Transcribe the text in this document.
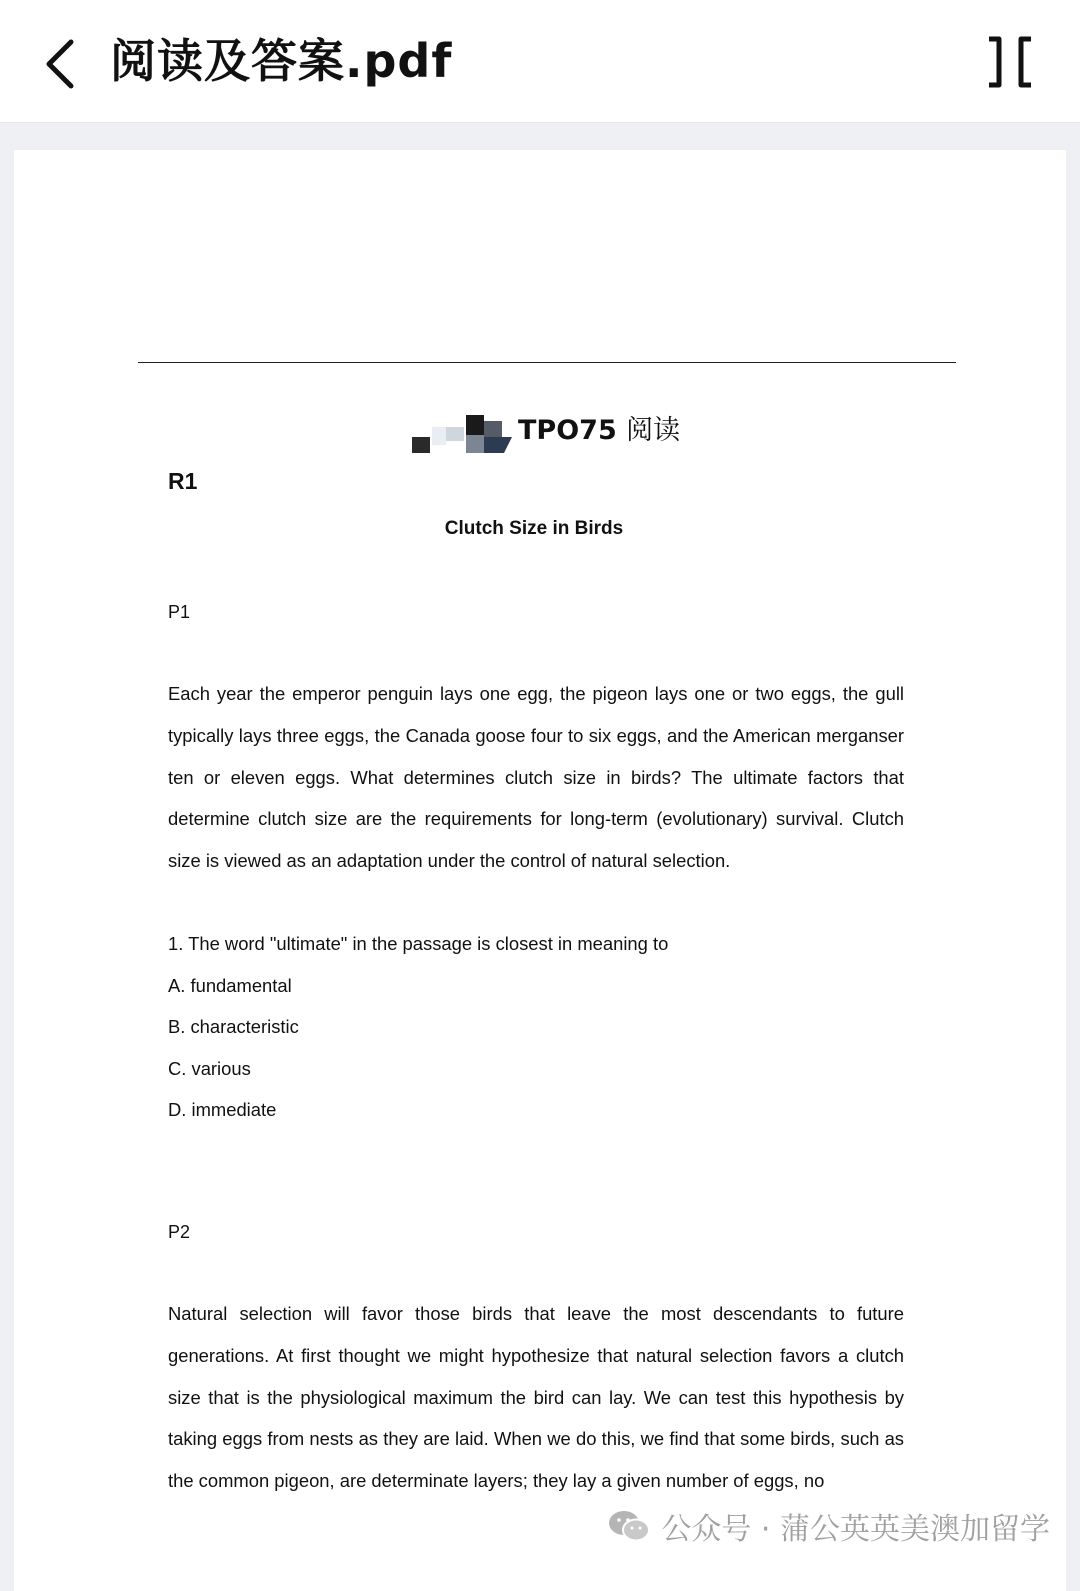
阅读及答案.pdf
TPO75 阅读
R1
Clutch Size in Birds
P1
Each year the emperor penguin lays one egg, the pigeon lays one or two eggs, the gull typically lays three eggs, the Canada goose four to six eggs, and the American merganser ten or eleven eggs. What determines clutch size in birds? The ultimate factors that determine clutch size are the requirements for long-term (evolutionary) survival. Clutch size is viewed as an adaptation under the control of natural selection.
1. The word "ultimate" in the passage is closest in meaning to
A. fundamental
B. characteristic
C. various
D. immediate
P2
Natural selection will favor those birds that leave the most descendants to future generations. At first thought we might hypothesize that natural selection favors a clutch size that is the physiological maximum the bird can lay. We can test this hypothesis by taking eggs from nests as they are laid. When we do this, we find that some birds, such as the common pigeon, are determinate layers; they lay a given number of eggs, no
公众号 · 蒲公英英美澳加留学
